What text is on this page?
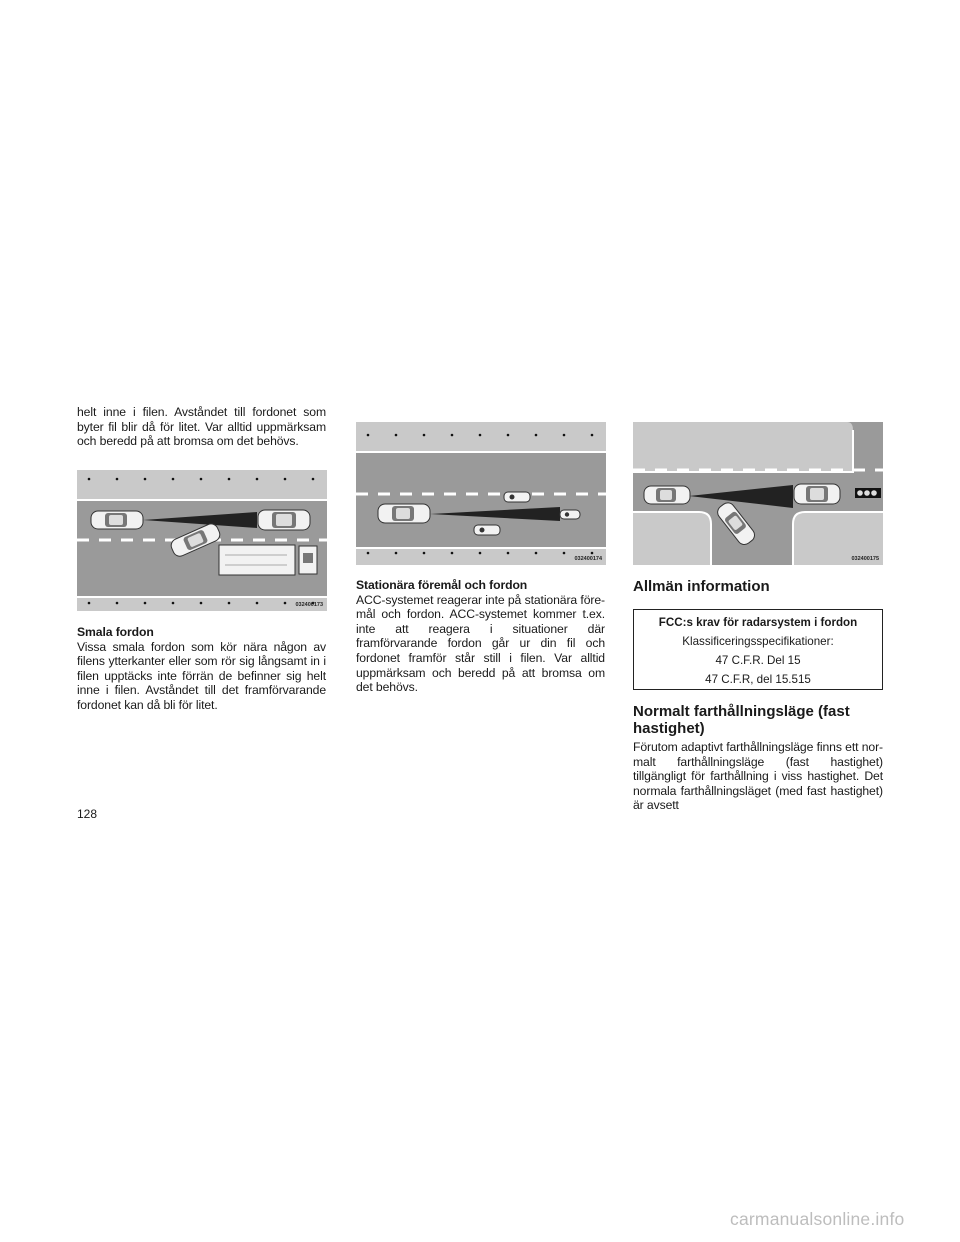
helt inne i filen. Avståndet till fordonet som byter fil blir då för litet. Var alltid uppmärksam och beredd på att bromsa om det behövs.

032400173

Smala fordon
Vissa smala fordon som kör nära någon av filens ytterkanter eller som rör sig långsamt in i filen upptäcks inte förrän de befinner sig helt inne i filen. Avståndet till det framförvarande fordonet kan då bli för litet.

032400174

Stationära föremål och fordon
ACC-systemet reagerar inte på stationära före-mål och fordon. ACC-systemet kommer t.ex. inte att reagera i situationer där framförvarande fordon går ur din fil och fordonet framför står still i filen. Var alltid uppmärksam och beredd på att bromsa om det behövs.

032400175
Allmän information
FCC:s krav för radarsystem i fordon
Klassificeringsspecifikationer:
47 C.F.R. Del 15
47 C.F.R, del 15.515
Normalt farthållningsläge (fast hastighet)

Förutom adaptivt farthållningsläge finns ett nor-malt farthållningsläge (fast hastighet) tillgängligt för farthållning i viss hastighet. Det normala farthållningsläget (med fast hastighet) är avsett

128
carmanualsonline.info
